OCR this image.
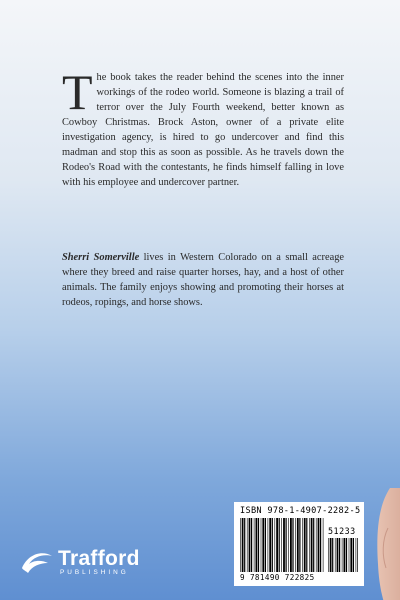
The book takes the reader behind the scenes into the inner workings of the rodeo world. Someone is blazing a trail of terror over the July Fourth weekend, better known as Cowboy Christmas. Brock Aston, owner of a private elite investigation agency, is hired to go undercover and find this madman and stop this as soon as possible. As he travels down the Rodeo's Road with the contestants, he finds himself falling in love with his employee and undercover partner.
Sherri Somerville lives in Western Colorado on a small acreage where they breed and raise quarter horses, hay, and a host of other animals. The family enjoys showing and promoting their horses at rodeos, ropings, and horse shows.
ISBN 978-1-4907-2282-5
51233
9 781490 722825
Trafford
PUBLISHING
